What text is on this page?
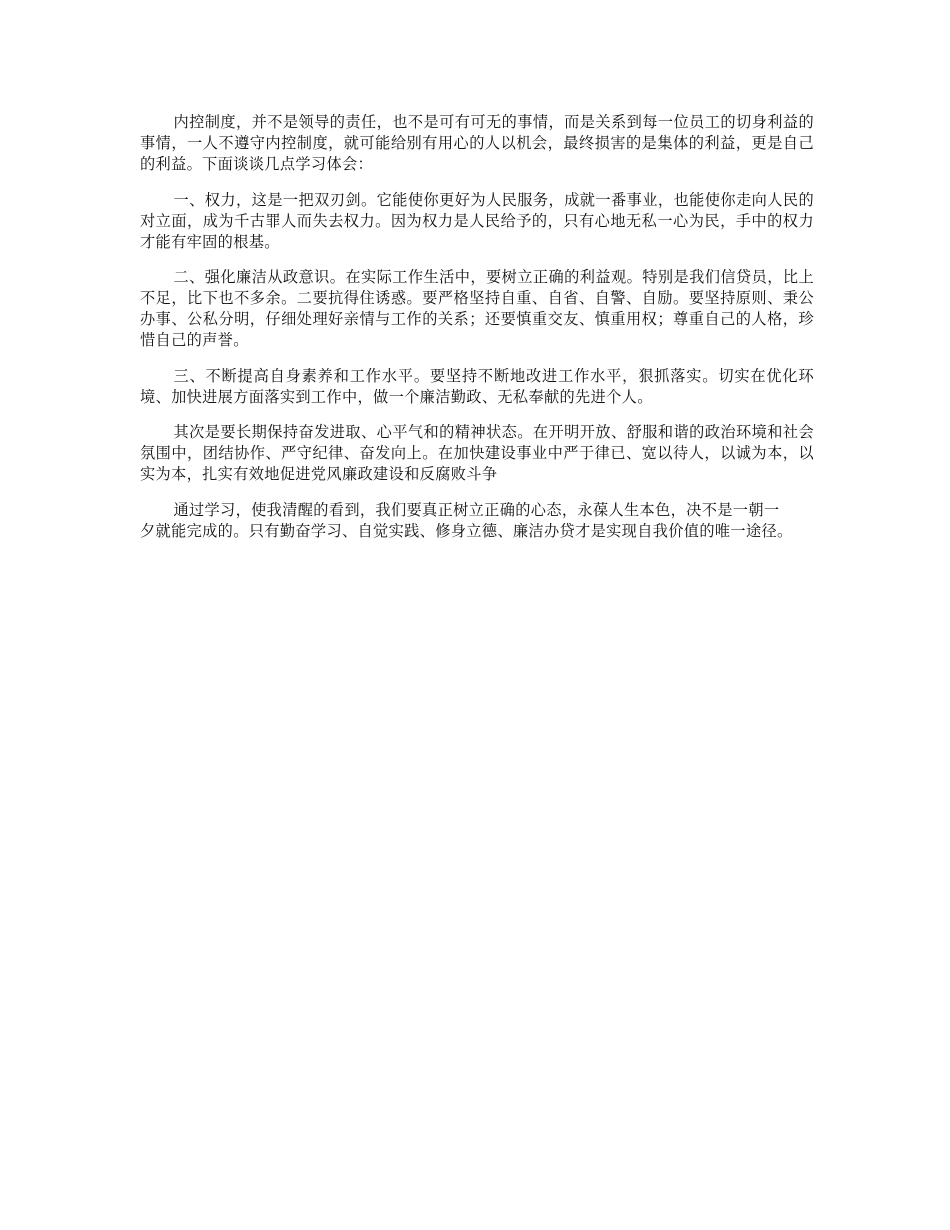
内控制度，并不是领导的责任，也不是可有可无的事情，而是关系到每一位员工的切身利益的事情，一人不遵守内控制度，就可能给别有用心的人以机会，最终损害的是集体的利益，更是自己的利益。下面谈谈几点学习体会：

一、权力，这是一把双刃剑。它能使你更好为人民服务，成就一番事业，也能使你走向人民的对立面，成为千古罪人而失去权力。因为权力是人民给予的，只有心地无私一心为民，手中的权力才能有牢固的根基。

二、强化廉洁从政意识。在实际工作生活中，要树立正确的利益观。特别是我们信贷员，比上不足，比下也不多余。二要抗得住诱惑。要严格坚持自重、自省、自警、自励。要坚持原则、秉公办事、公私分明，仔细处理好亲情与工作的关系；还要慎重交友、慎重用权；尊重自己的人格，珍惜自己的声誉。

三、不断提高自身素养和工作水平。要坚持不断地改进工作水平，狠抓落实。切实在优化环境、加快进展方面落实到工作中，做一个廉洁勤政、无私奉献的先进个人。

其次是要长期保持奋发进取、心平气和的精神状态。在开明开放、舒服和谐的政治环境和社会氛围中，团结协作、严守纪律、奋发向上。在加快建设事业中严于律已、宽以待人，以诚为本，以实为本，扎实有效地促进党风廉政建设和反腐败斗争

通过学习，使我清醒的看到，我们要真正树立正确的心态，永葆人生本色，决不是一朝一
夕就能完成的。只有勤奋学习、自觉实践、修身立德、廉洁办贷才是实现自我价值的唯一途径。
